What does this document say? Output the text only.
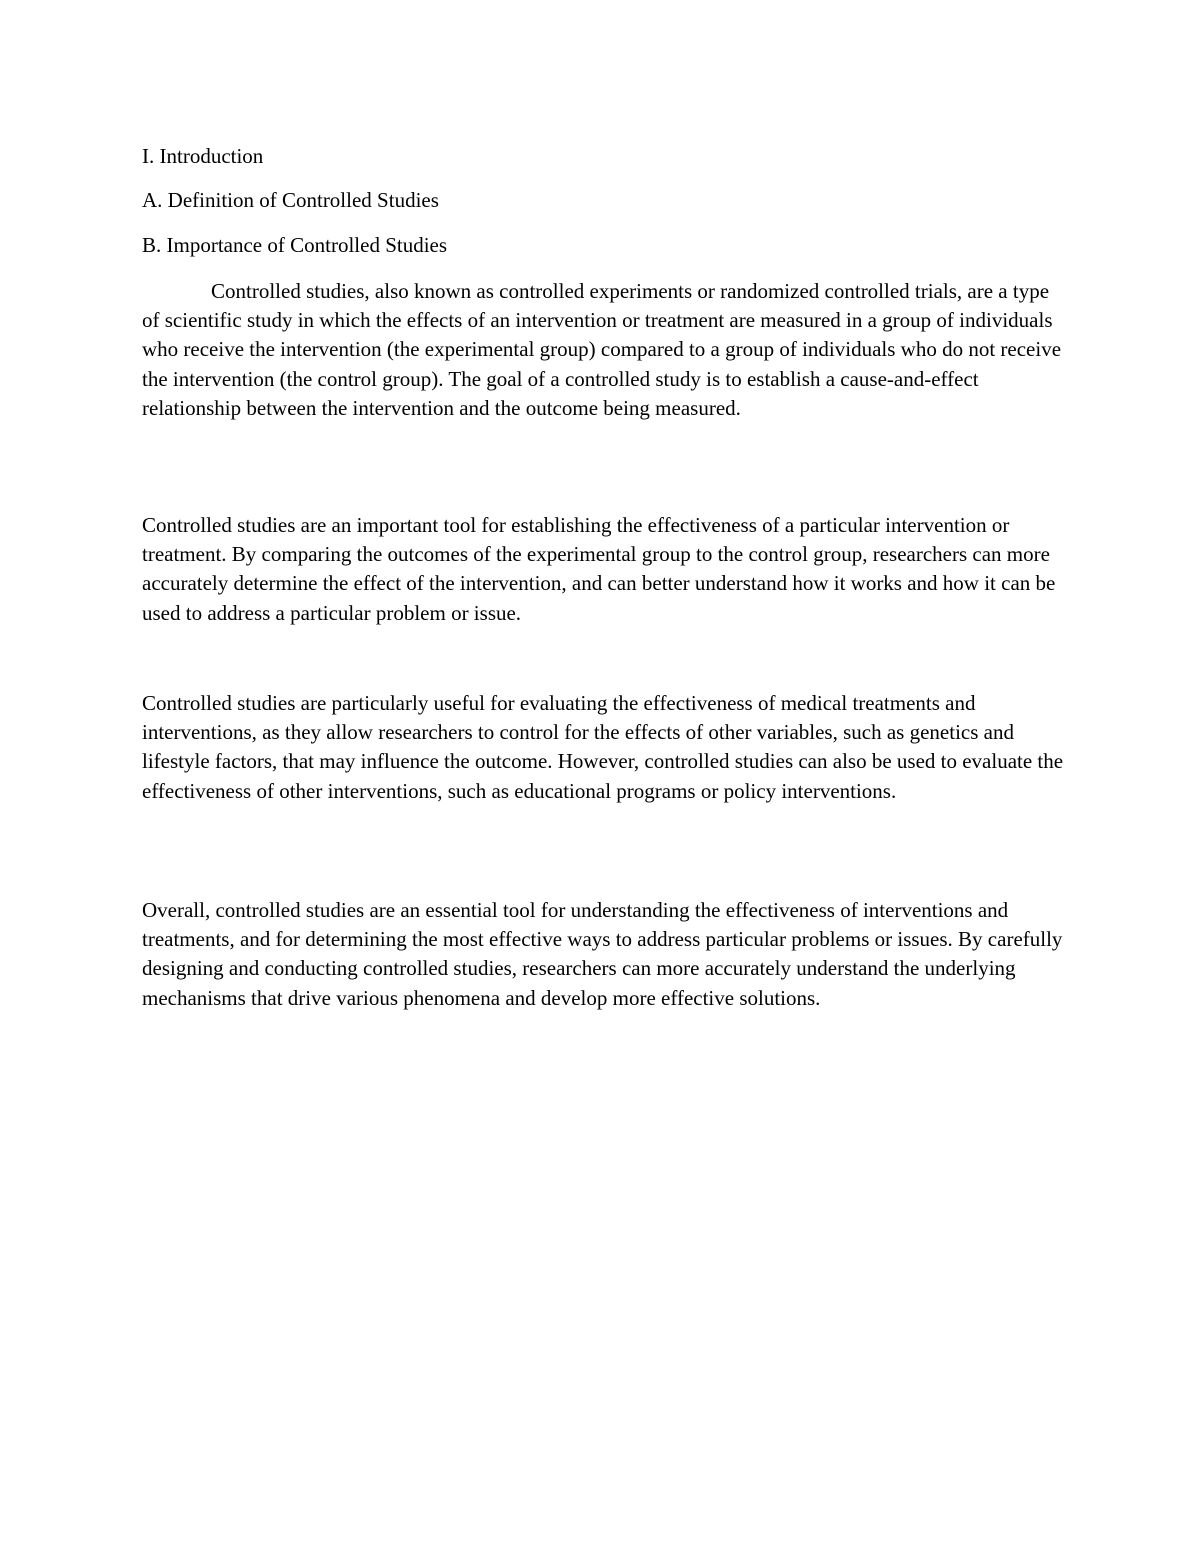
I. Introduction

A. Definition of Controlled Studies

B. Importance of Controlled Studies

Controlled studies, also known as controlled experiments or randomized controlled trials, are a type of scientific study in which the effects of an intervention or treatment are measured in a group of individuals who receive the intervention (the experimental group) compared to a group of individuals who do not receive the intervention (the control group). The goal of a controlled study is to establish a cause-and-effect relationship between the intervention and the outcome being measured.

Controlled studies are an important tool for establishing the effectiveness of a particular intervention or treatment. By comparing the outcomes of the experimental group to the control group, researchers can more accurately determine the effect of the intervention, and can better understand how it works and how it can be used to address a particular problem or issue.

Controlled studies are particularly useful for evaluating the effectiveness of medical treatments and interventions, as they allow researchers to control for the effects of other variables, such as genetics and lifestyle factors, that may influence the outcome. However, controlled studies can also be used to evaluate the effectiveness of other interventions, such as educational programs or policy interventions.

Overall, controlled studies are an essential tool for understanding the effectiveness of interventions and treatments, and for determining the most effective ways to address particular problems or issues. By carefully designing and conducting controlled studies, researchers can more accurately understand the underlying mechanisms that drive various phenomena and develop more effective solutions.
